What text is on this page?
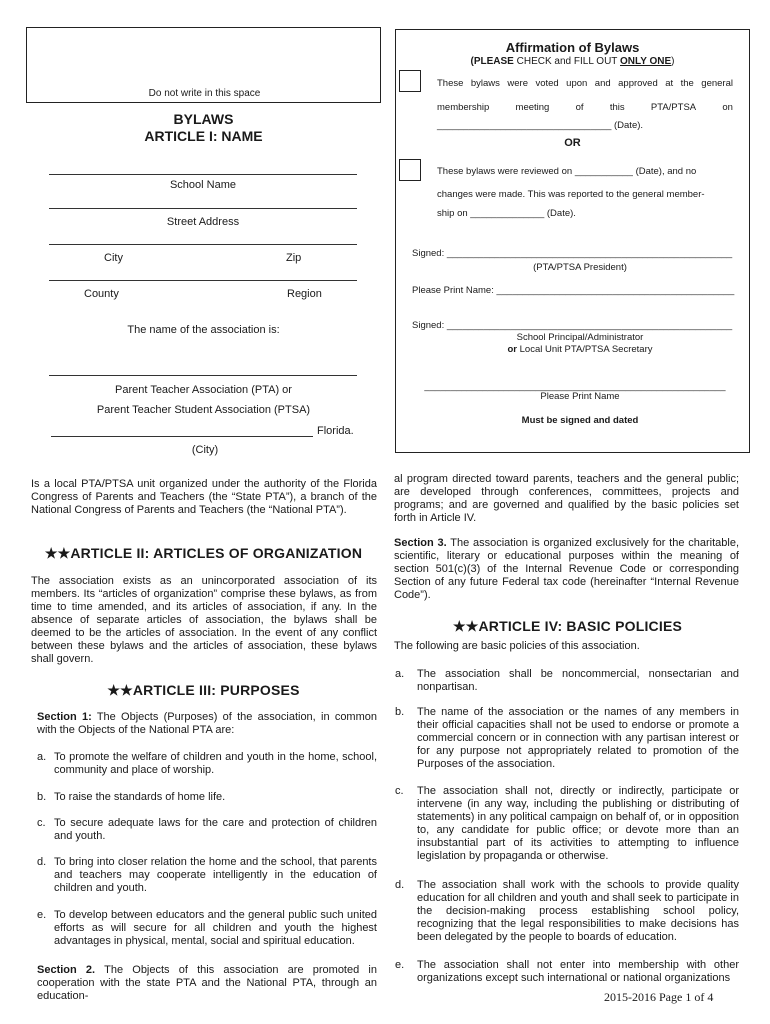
Do not write in this space
BYLAWS
ARTICLE I: NAME
School Name
Street Address
City	Zip
County	Region
The name of the association is:
Parent Teacher Association (PTA) or
Parent Teacher Student Association (PTSA)
Florida.
(City)
Affirmation of Bylaws
(PLEASE CHECK and FILL OUT ONLY ONE)
These bylaws were voted upon and approved at the general
membership	meeting	of	this	PTA/PTSA	on
_________________________________ (Date).
OR
These bylaws were reviewed on ___________ (Date), and no
changes were made. This was reported to the general member-
ship on ______________ (Date).
Signed: ______________________________________________________
(PTA/PTSA President)
Please Print Name: _____________________________________________
Signed: ______________________________________________________
School Principal/Administrator
or Local Unit PTA/PTSA Secretary
_________________________________________________________
Please Print Name
Must be signed and dated
Is a local PTA/PTSA unit organized under the authority of the Florida Congress of Parents and Teachers (the “State PTA”), a branch of the National Congress of Parents and Teachers (the “National PTA”).
★★ARTICLE II: ARTICLES OF ORGANIZATION
The association exists as an unincorporated association of its members. Its “articles of organization” comprise these bylaws, as from time to time amended, and its articles of association, if any. In the absence of separate articles of association, the bylaws shall be deemed to be the articles of association. In the event of any conflict between these bylaws and the articles of association, these bylaws shall govern.
★★ARTICLE III: PURPOSES
Section 1: The Objects (Purposes) of the association, in common with the Objects of the National PTA are:
a. To promote the welfare of children and youth in the home, school, community and place of worship.
b. To raise the standards of home life.
c. To secure adequate laws for the care and protection of children and youth.
d. To bring into closer relation the home and the school, that parents and teachers may cooperate intelligently in the education of children and youth.
e. To develop between educators and the general public such united efforts as will secure for all children and youth the highest advantages in physical, mental, social and spiritual education.
Section 2. The Objects of this association are promoted in cooperation with the state PTA and the National PTA, through an education-
al program directed toward parents, teachers and the general public; are developed through conferences, committees, projects and programs; and are governed and qualified by the basic policies set forth in Article IV.
Section 3. The association is organized exclusively for the charitable, scientific, literary or educational purposes within the meaning of section 501(c)(3) of the Internal Revenue Code or corresponding Section of any future Federal tax code (hereinafter “Internal Revenue Code”).
★★ARTICLE IV: BASIC POLICIES
The following are basic policies of this association.
a. The association shall be noncommercial, nonsectarian and nonpartisan.
b. The name of the association or the names of any members in their official capacities shall not be used to endorse or promote a commercial concern or in connection with any partisan interest or for any purpose not appropriately related to promotion of the Purposes of the association.
c. The association shall not, directly or indirectly, participate or intervene (in any way, including the publishing or distributing of statements) in any political campaign on behalf of, or in opposition to, any candidate for public office; or devote more than an insubstantial part of its activities to attempting to influence legislation by propaganda or otherwise.
d. The association shall work with the schools to provide quality education for all children and youth and shall seek to participate in the decision-making process establishing school policy, recognizing that the legal responsibilities to make decisions has been delegated by the people to boards of education.
e. The association shall not enter into membership with other organizations except such international or national organizations
2015-2016 Page 1 of 4
